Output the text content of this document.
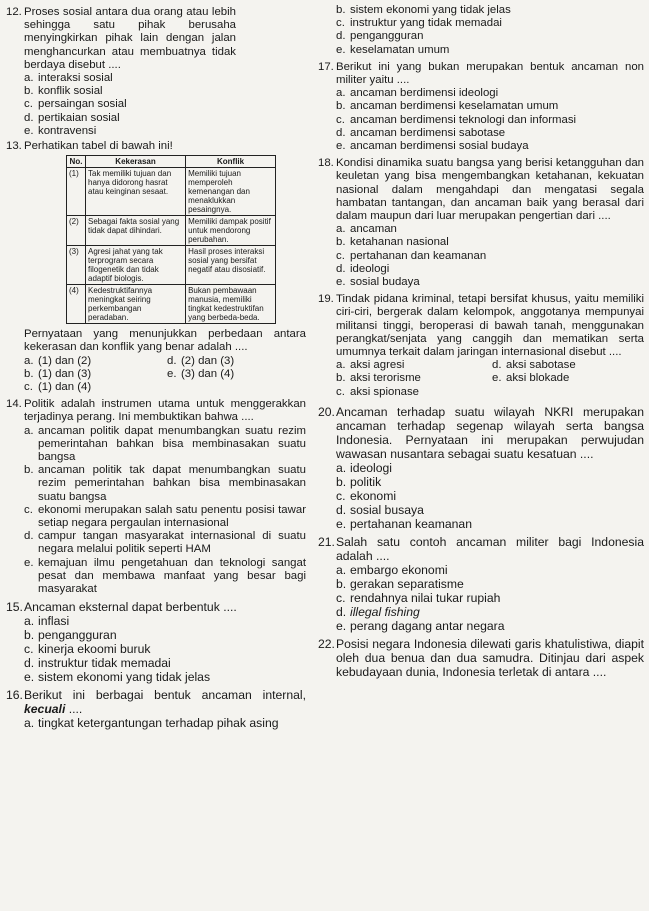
12. Proses sosial antara dua orang atau lebih sehingga satu pihak berusaha menyingkirkan pihak lain dengan jalan menghancurkan atau membuatnya tidak berdaya disebut ....
a. interaksi sosial
b. konflik sosial
c. persaingan sosial
d. pertikaian sosial
e. kontravensi
13. Perhatikan tabel di bawah ini!
No.	Kekerasan	Konflik
(1)	Tak memiliki tujuan dan hanya didorong hasrat atau keinginan sesaat.	Memiliki tujuan memperoleh kemenangan dan menaklukkan pesaingnya.
(2)	Sebagai fakta sosial yang tidak dapat dihindari.	Memiliki dampak positif untuk mendorong perubahan.
(3)	Agresi jahat yang tak terprogram secara filogenetik dan tidak adaptif biologis.	Hasil proses interaksi sosial yang bersifat negatif atau disosiatif.
(4)	Kedestruktifannya meningkat seiring perkembangan peradaban.	Bukan pembawaan manusia, memiliki tingkat kedestruktifan yang berbeda-beda.
Pernyataan yang menunjukkan perbedaan antara kekerasan dan konflik yang benar adalah ....
a. (1) dan (2)	d. (2) dan (3)
b. (1) dan (3)	e. (3) dan (4)
c. (1) dan (4)
14. Politik adalah instrumen utama untuk menggerakkan terjadinya perang. Ini membuktikan bahwa ....
a. ancaman politik dapat menumbangkan suatu rezim pemerintahan bahkan bisa membinasakan suatu bangsa
b. ancaman politik tak dapat menumbangkan suatu rezim pemerintahan bahkan bisa membinasakan suatu bangsa
c. ekonomi merupakan salah satu penentu posisi tawar setiap negara pergaulan internasional
d. campur tangan masyarakat internasional di suatu negara melalui politik seperti HAM
e. kemajuan ilmu pengetahuan dan teknologi sangat pesat dan membawa manfaat yang besar bagi masyarakat
15. Ancaman eksternal dapat berbentuk ....
a. inflasi
b. pengangguran
c. kinerja ekoomi buruk
d. instruktur tidak memadai
e. sistem ekonomi yang tidak jelas
16. Berikut ini berbagai bentuk ancaman internal, kecuali ....
a. tingkat ketergantungan terhadap pihak asing
b. sistem ekonomi yang tidak jelas
c. instruktur yang tidak memadai
d. pengangguran
e. keselamatan umum
17. Berikut ini yang bukan merupakan bentuk ancaman non militer yaitu ....
a. ancaman berdimensi ideologi
b. ancaman berdimensi keselamatan umum
c. ancaman berdimensi teknologi dan informasi
d. ancaman berdimensi sabotase
e. ancaman berdimensi sosial budaya
18. Kondisi dinamika suatu bangsa yang berisi ketangguhan dan keuletan yang bisa mengembangkan ketahanan, kekuatan nasional dalam mengahdapi dan mengatasi segala hambatan tantangan, dan ancaman baik yang berasal dari dalam maupun dari luar merupakan pengertian dari ....
a. ancaman
b. ketahanan nasional
c. pertahanan dan keamanan
d. ideologi
e. sosial budaya
19. Tindak pidana kriminal, tetapi bersifat khusus, yaitu memiliki ciri-ciri, bergerak dalam kelompok, anggotanya mempunyai militansi tinggi, beroperasi di bawah tanah, menggunakan perangkat/senjata yang canggih dan mematikan serta umumnya terkait dalam jaringan internasional disebut ....
a. aksi agresi	d. aksi sabotase
b. aksi terorisme	e. aksi blokade
c. aksi spionase
20. Ancaman terhadap suatu wilayah NKRI merupakan ancaman terhadap segenap wilayah serta bangsa Indonesia. Pernyataan ini merupakan perwujudan wawasan nusantara sebagai suatu kesatuan ....
a. ideologi
b. politik
c. ekonomi
d. sosial busaya
e. pertahanan keamanan
21. Salah satu contoh ancaman militer bagi Indonesia adalah ....
a. embargo ekonomi
b. gerakan separatisme
c. rendahnya nilai tukar rupiah
d. illegal fishing
e. perang dagang antar negara
22. Posisi negara Indonesia dilewati garis khatulistiwa, diapit oleh dua benua dan dua samudra. Ditinjau dari aspek kebudayaan dunia, Indonesia terletak di antara ....
